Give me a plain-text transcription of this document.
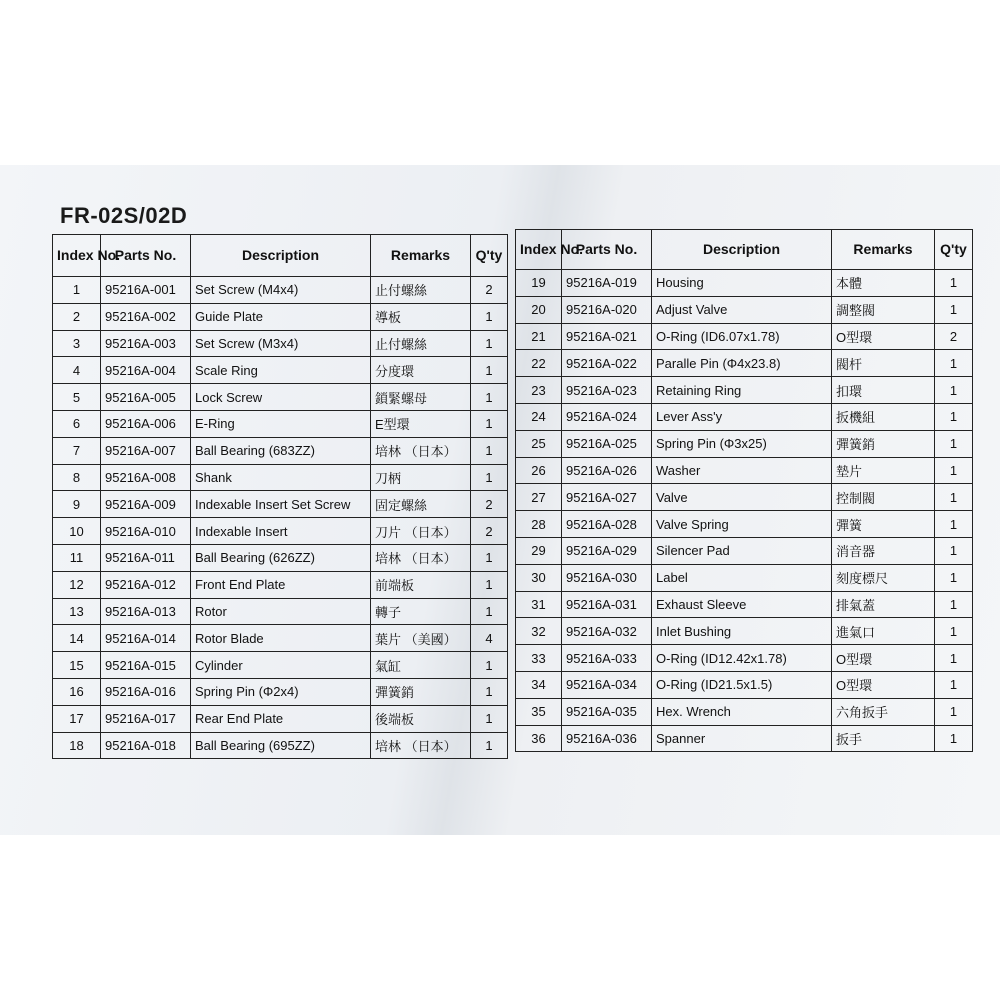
FR-02S/02D
Index No.	Parts No.	Description	Remarks	Q'ty
1	95216A-001	Set Screw (M4x4)	止付螺絲	2
2	95216A-002	Guide Plate	導板	1
3	95216A-003	Set Screw (M3x4)	止付螺絲	1
4	95216A-004	Scale Ring	分度環	1
5	95216A-005	Lock Screw	鎖緊螺母	1
6	95216A-006	E-Ring	E型環	1
7	95216A-007	Ball Bearing (683ZZ)	培林 （日本）	1
8	95216A-008	Shank	刀柄	1
9	95216A-009	Indexable Insert Set Screw	固定螺絲	2
10	95216A-010	Indexable Insert	刀片 （日本）	2
11	95216A-011	Ball Bearing (626ZZ)	培林 （日本）	1
12	95216A-012	Front End Plate	前端板	1
13	95216A-013	Rotor	轉子	1
14	95216A-014	Rotor Blade	葉片 （美國）	4
15	95216A-015	Cylinder	氣缸	1
16	95216A-016	Spring Pin (Φ2x4)	彈簧銷	1
17	95216A-017	Rear End Plate	後端板	1
18	95216A-018	Ball Bearing (695ZZ)	培林 （日本）	1
Index No.	Parts No.	Description	Remarks	Q'ty
19	95216A-019	Housing	本體	1
20	95216A-020	Adjust Valve	調整閥	1
21	95216A-021	O-Ring (ID6.07x1.78)	O型環	2
22	95216A-022	Paralle Pin (Φ4x23.8)	閥杆	1
23	95216A-023	Retaining Ring	扣環	1
24	95216A-024	Lever Ass'y	扳機組	1
25	95216A-025	Spring Pin (Φ3x25)	彈簧銷	1
26	95216A-026	Washer	墊片	1
27	95216A-027	Valve	控制閥	1
28	95216A-028	Valve Spring	彈簧	1
29	95216A-029	Silencer Pad	消音器	1
30	95216A-030	Label	刻度標尺	1
31	95216A-031	Exhaust Sleeve	排氣蓋	1
32	95216A-032	Inlet Bushing	進氣口	1
33	95216A-033	O-Ring (ID12.42x1.78)	O型環	1
34	95216A-034	O-Ring (ID21.5x1.5)	O型環	1
35	95216A-035	Hex. Wrench	六角扳手	1
36	95216A-036	Spanner	扳手	1
